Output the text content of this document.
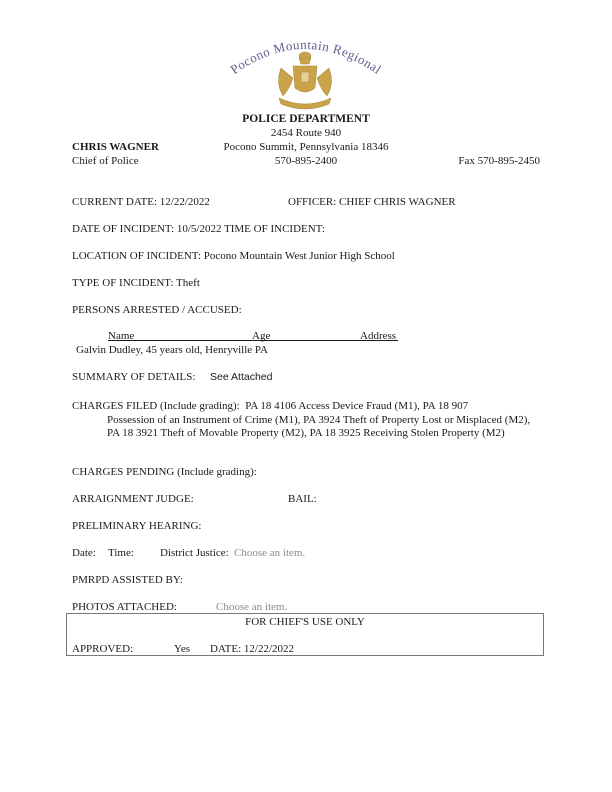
Pocono Mountain Regional
POLICE DEPARTMENT
2454 Route 940
Pocono Summit, Pennsylvania 18346
570-895-2400
CHRIS WAGNER
Chief of Police	Fax 570-895-2450
CURRENT DATE: 12/22/2022	OFFICER: CHIEF CHRIS WAGNER
DATE OF INCIDENT: 10/5/2022 TIME OF INCIDENT:
LOCATION OF INCIDENT: Pocono Mountain West Junior High School
TYPE OF INCIDENT: Theft
PERSONS ARRESTED / ACCUSED:
Name	Age	Address
Galvin Dudley, 45 years old, Henryville PA
SUMMARY OF DETAILS: See Attached
CHARGES FILED (Include grading): PA 18 4106 Access Device Fraud (M1), PA 18 907
Possession of an Instrument of Crime (M1), PA 3924 Theft of Property Lost or Misplaced (M2), PA 18 3921 Theft of Movable Property (M2), PA 18 3925 Receiving Stolen Property (M2)
CHARGES PENDING (Include grading):
ARRAIGNMENT JUDGE:	BAIL:
PRELIMINARY HEARING:
Date: Time: District Justice: Choose an item.
PMRPD ASSISTED BY:
PHOTOS ATTACHED:	Choose an item.
FOR CHIEF'S USE ONLY
APPROVED:	Yes DATE: 12/22/2022
